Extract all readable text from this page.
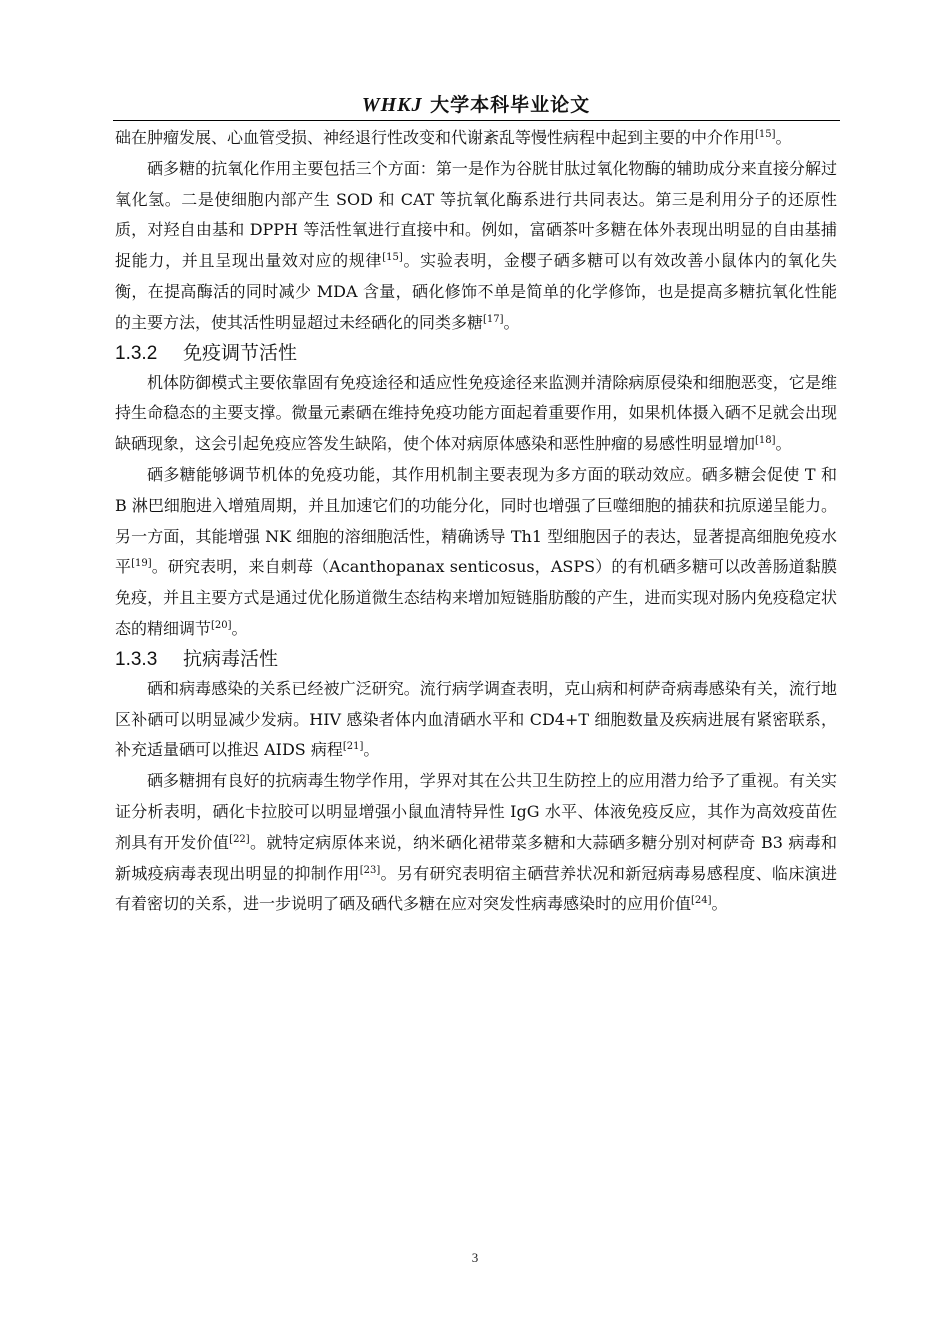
WHKJ 大学本科毕业论文

础在肿瘤发展、心血管受损、神经退行性改变和代谢紊乱等慢性病程中起到主要的中介作用[15]。

硒多糖的抗氧化作用主要包括三个方面：第一是作为谷胱甘肽过氧化物酶的辅助成分来直接分解过氧化氢。二是使细胞内部产生 SOD 和 CAT 等抗氧化酶系进行共同表达。第三是利用分子的还原性质，对羟自由基和 DPPH 等活性氧进行直接中和。例如，富硒茶叶多糖在体外表现出明显的自由基捕捉能力，并且呈现出量效对应的规律[15]。实验表明，金樱子硒多糖可以有效改善小鼠体内的氧化失衡，在提高酶活的同时减少 MDA 含量，硒化修饰不单是简单的化学修饰，也是提高多糖抗氧化性能的主要方法，使其活性明显超过未经硒化的同类多糖[17]。

1.3.2 免疫调节活性

机体防御模式主要依靠固有免疫途径和适应性免疫途径来监测并清除病原侵染和细胞恶变，它是维持生命稳态的主要支撑。微量元素硒在维持免疫功能方面起着重要作用，如果机体摄入硒不足就会出现缺硒现象，这会引起免疫应答发生缺陷，使个体对病原体感染和恶性肿瘤的易感性明显增加[18]。

硒多糖能够调节机体的免疫功能，其作用机制主要表现为多方面的联动效应。硒多糖会促使 T 和 B 淋巴细胞进入增殖周期，并且加速它们的功能分化，同时也增强了巨噬细胞的捕获和抗原递呈能力。另一方面，其能增强 NK 细胞的溶细胞活性，精确诱导 Th1 型细胞因子的表达，显著提高细胞免疫水平[19]。研究表明，来自刺苺（Acanthopanax senticosus，ASPS）的有机硒多糖可以改善肠道黏膜免疫，并且主要方式是通过优化肠道微生态结构来增加短链脂肪酸的产生，进而实现对肠内免疫稳定状态的精细调节[20]。

1.3.3 抗病毒活性

硒和病毒感染的关系已经被广泛研究。流行病学调查表明，克山病和柯萨奇病毒感染有关，流行地区补硒可以明显减少发病。HIV 感染者体内血清硒水平和 CD4+T 细胞数量及疾病进展有紧密联系，补充适量硒可以推迟 AIDS 病程[21]。

硒多糖拥有良好的抗病毒生物学作用，学界对其在公共卫生防控上的应用潜力给予了重视。有关实证分析表明，硒化卡拉胶可以明显增强小鼠血清特异性 IgG 水平、体液免疫反应，其作为高效疫苗佐剂具有开发价值[22]。就特定病原体来说，纳米硒化裙带菜多糖和大蒜硒多糖分别对柯萨奇 B3 病毒和新城疫病毒表现出明显的抑制作用[23]。另有研究表明宿主硒营养状况和新冠病毒易感程度、临床演进有着密切的关系，进一步说明了硒及硒代多糖在应对突发性病毒感染时的应用价值[24]。

3
